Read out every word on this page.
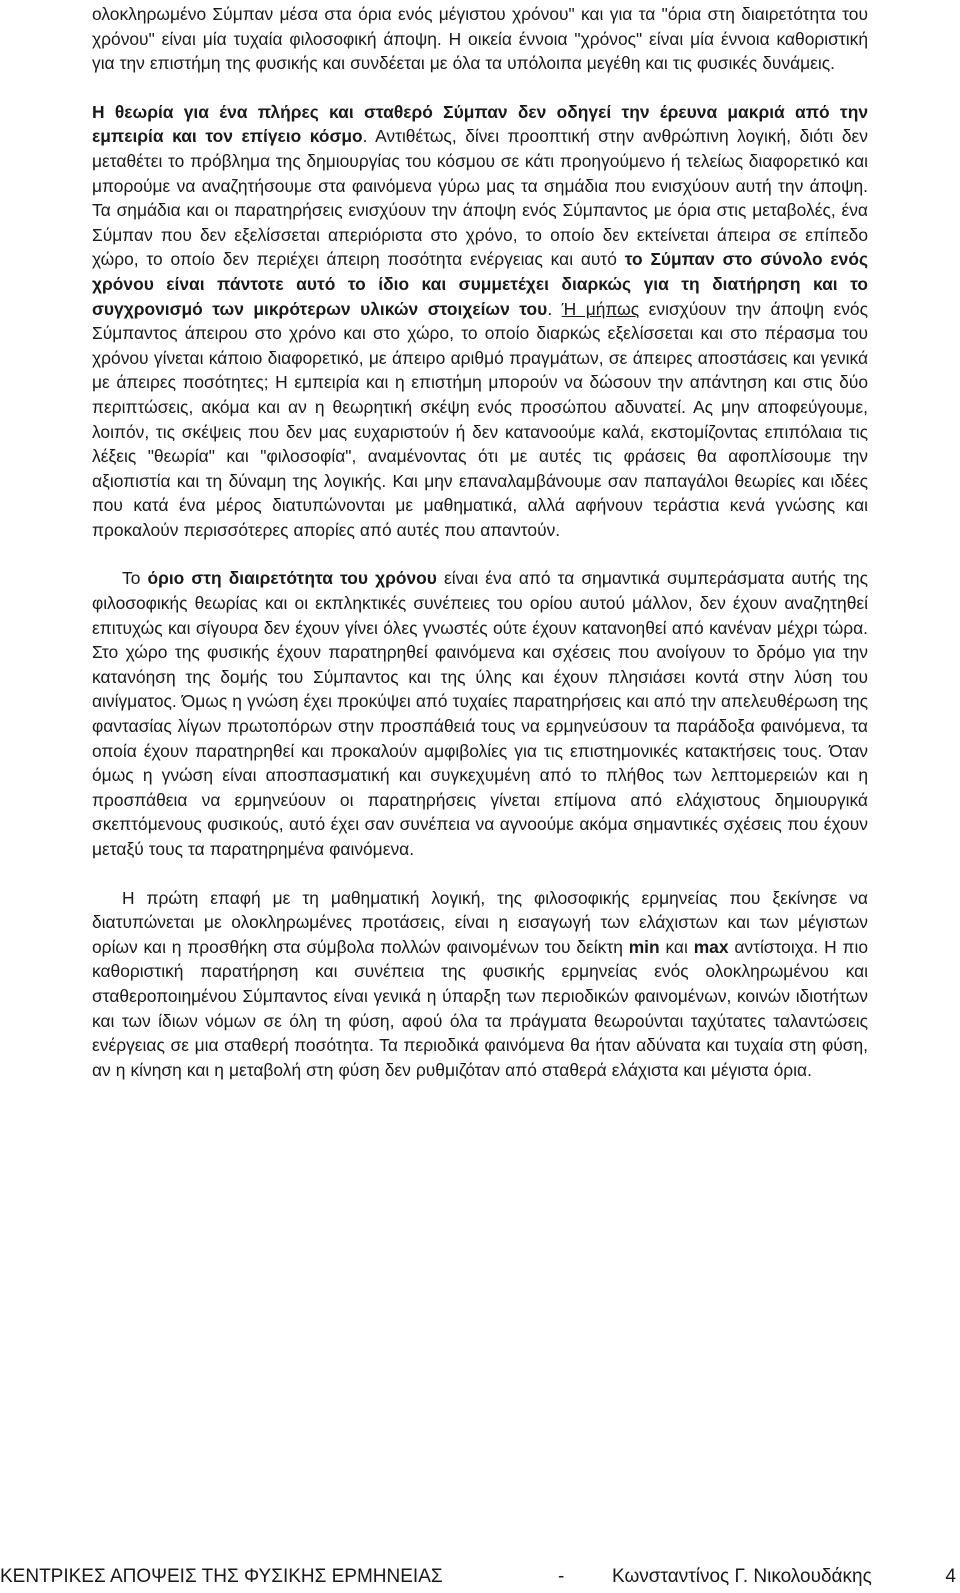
ολοκληρωμένο Σύμπαν μέσα στα όρια ενός μέγιστου χρόνου" και για τα "όρια στη διαιρετότητα του χρόνου" είναι μία τυχαία φιλοσοφική άποψη. Η οικεία έννοια "χρόνος" είναι μία έννοια καθοριστική για την επιστήμη της φυσικής και συνδέεται με όλα τα υπόλοιπα μεγέθη και τις φυσικές δυνάμεις.

Η θεωρία για ένα πλήρες και σταθερό Σύμπαν δεν οδηγεί την έρευνα μακριά από την εμπειρία και τον επίγειο κόσμο. Αντιθέτως, δίνει προοπτική στην ανθρώπινη λογική, διότι δεν μεταθέτει το πρόβλημα της δημιουργίας του κόσμου σε κάτι προηγούμενο ή τελείως διαφορετικό και μπορούμε να αναζητήσουμε στα φαινόμενα γύρω μας τα σημάδια που ενισχύουν αυτή την άποψη. Τα σημάδια και οι παρατηρήσεις ενισχύουν την άποψη ενός Σύμπαντος με όρια στις μεταβολές, ένα Σύμπαν που δεν εξελίσσεται απεριόριστα στο χρόνο, το οποίο δεν εκτείνεται άπειρα σε επίπεδο χώρο, το οποίο δεν περιέχει άπειρη ποσότητα ενέργειας και αυτό το Σύμπαν στο σύνολο ενός χρόνου είναι πάντοτε αυτό το ίδιο και συμμετέχει διαρκώς για τη διατήρηση και το συγχρονισμό των μικρότερων υλικών στοιχείων του. Ή μήπως ενισχύουν την άποψη ενός Σύμπαντος άπειρου στο χρόνο και στο χώρο, το οποίο διαρκώς εξελίσσεται και στο πέρασμα του χρόνου γίνεται κάποιο διαφορετικό, με άπειρο αριθμό πραγμάτων, σε άπειρες αποστάσεις και γενικά με άπειρες ποσότητες; Η εμπειρία και η επιστήμη μπορούν να δώσουν την απάντηση και στις δύο περιπτώσεις, ακόμα και αν η θεωρητική σκέψη ενός προσώπου αδυνατεί. Ας μην αποφεύγουμε, λοιπόν, τις σκέψεις που δεν μας ευχαριστούν ή δεν κατανοούμε καλά, εκστομίζοντας επιπόλαια τις λέξεις "θεωρία" και "φιλοσοφία", αναμένοντας ότι με αυτές τις φράσεις θα αφοπλίσουμε την αξιοπιστία και τη δύναμη της λογικής. Και μην επαναλαμβάνουμε σαν παπαγάλοι θεωρίες και ιδέες που κατά ένα μέρος διατυπώνονται με μαθηματικά, αλλά αφήνουν τεράστια κενά γνώσης και προκαλούν περισσότερες απορίες από αυτές που απαντούν.

Το όριο στη διαιρετότητα του χρόνου είναι ένα από τα σημαντικά συμπεράσματα αυτής της φιλοσοφικής θεωρίας και οι εκπληκτικές συνέπειες του ορίου αυτού μάλλον, δεν έχουν αναζητηθεί επιτυχώς και σίγουρα δεν έχουν γίνει όλες γνωστές ούτε έχουν κατανοηθεί από κανέναν μέχρι τώρα. Στο χώρο της φυσικής έχουν παρατηρηθεί φαινόμενα και σχέσεις που ανοίγουν το δρόμο για την κατανόηση της δομής του Σύμπαντος και της ύλης και έχουν πλησιάσει κοντά στην λύση του αινίγματος. Όμως η γνώση έχει προκύψει από τυχαίες παρατηρήσεις και από την απελευθέρωση της φαντασίας λίγων πρωτοπόρων στην προσπάθειά τους να ερμηνεύσουν τα παράδοξα φαινόμενα, τα οποία έχουν παρατηρηθεί και προκαλούν αμφιβολίες για τις επιστημονικές κατακτήσεις τους. Όταν όμως η γνώση είναι αποσπασματική και συγκεχυμένη από το πλήθος των λεπτομερειών και η προσπάθεια να ερμηνεύουν οι παρατηρήσεις γίνεται επίμονα από ελάχιστους δημιουργικά σκεπτόμενους φυσικούς, αυτό έχει σαν συνέπεια να αγνοούμε ακόμα σημαντικές σχέσεις που έχουν μεταξύ τους τα παρατηρημένα φαινόμενα.

Η πρώτη επαφή με τη μαθηματική λογική, της φιλοσοφικής ερμηνείας που ξεκίνησε να διατυπώνεται με ολοκληρωμένες προτάσεις, είναι η εισαγωγή των ελάχιστων και των μέγιστων ορίων και η προσθήκη στα σύμβολα πολλών φαινομένων του δείκτη min και max αντίστοιχα. Η πιο καθοριστική παρατήρηση και συνέπεια της φυσικής ερμηνείας ενός ολοκληρωμένου και σταθεροποιημένου Σύμπαντος είναι γενικά η ύπαρξη των περιοδικών φαινομένων, κοινών ιδιοτήτων και των ίδιων νόμων σε όλη τη φύση, αφού όλα τα πράγματα θεωρούνται ταχύτατες ταλαντώσεις ενέργειας σε μια σταθερή ποσότητα. Τα περιοδικά φαινόμενα θα ήταν αδύνατα και τυχαία στη φύση, αν η κίνηση και η μεταβολή στη φύση δεν ρυθμιζόταν από σταθερά ελάχιστα και μέγιστα όρια.

ΚΕΝΤΡΙΚΕΣ ΑΠΟΨΕΙΣ ΤΗΣ ΦΥΣΙΚΗΣ ΕΡΜΗΝΕΙΑΣ	-	Κωνσταντίνος Γ. Νικολουδάκης	4
